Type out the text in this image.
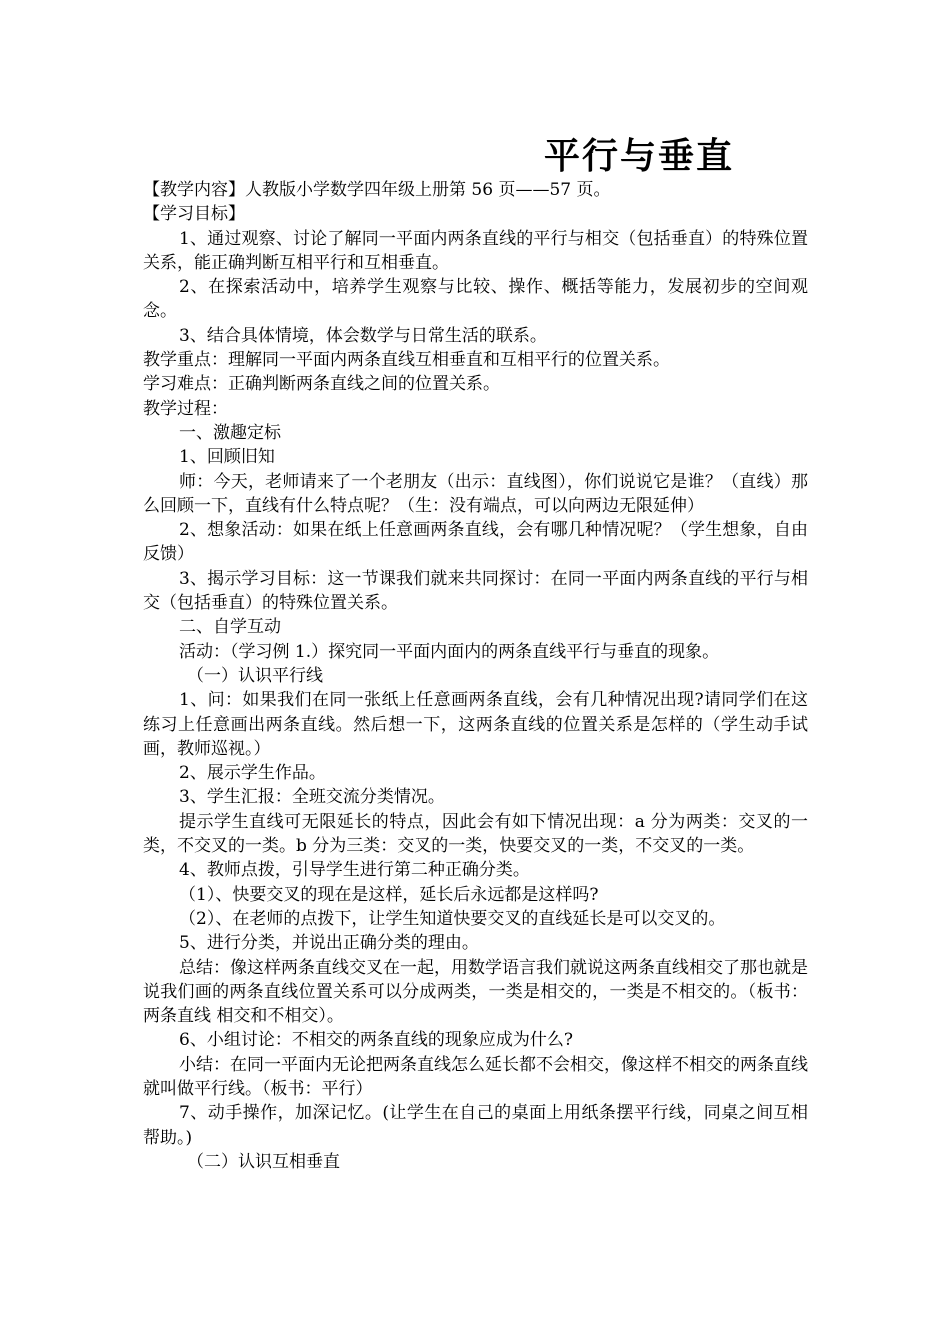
平行与垂直

【教学内容】人教版小学数学四年级上册第 56 页——57 页。

【学习目标】

1、通过观察、讨论了解同一平面内两条直线的平行与相交（包括垂直）的特殊位置关系，能正确判断互相平行和互相垂直。

2、在探索活动中，培养学生观察与比较、操作、概括等能力，发展初步的空间观念。

3、结合具体情境，体会数学与日常生活的联系。

教学重点：理解同一平面内两条直线互相垂直和互相平行的位置关系。

学习难点：正确判断两条直线之间的位置关系。

教学过程：

一、激趣定标

1、回顾旧知

师：今天，老师请来了一个老朋友（出示：直线图），你们说说它是谁？（直线）那么回顾一下，直线有什么特点呢？（生：没有端点，可以向两边无限延伸）

2、想象活动：如果在纸上任意画两条直线，会有哪几种情况呢？（学生想象，自由反馈）

3、揭示学习目标：这一节课我们就来共同探讨：在同一平面内两条直线的平行与相交（包括垂直）的特殊位置关系。

二、自学互动

活动：（学习例 1.）探究同一平面内面内的两条直线平行与垂直的现象。

（一）认识平行线

1、问：如果我们在同一张纸上任意画两条直线，会有几种情况出现?请同学们在这练习上任意画出两条直线。然后想一下，这两条直线的位置关系是怎样的（学生动手试画，教师巡视。）

2、展示学生作品。

3、学生汇报：全班交流分类情况。

提示学生直线可无限延长的特点，因此会有如下情况出现：a 分为两类：交叉的一类，不交叉的一类。b 分为三类：交叉的一类，快要交叉的一类，不交叉的一类。

4、教师点拨，引导学生进行第二种正确分类。

（1）、快要交叉的现在是这样，延长后永远都是这样吗?

（2）、在老师的点拨下，让学生知道快要交叉的直线延长是可以交叉的。

5、进行分类，并说出正确分类的理由。

总结：像这样两条直线交叉在一起，用数学语言我们就说这两条直线相交了那也就是说我们画的两条直线位置关系可以分成两类，一类是相交的，一类是不相交的。（板书：两条直线 相交和不相交）。

6、小组讨论：不相交的两条直线的现象应成为什么?

小结：在同一平面内无论把两条直线怎么延长都不会相交，像这样不相交的两条直线就叫做平行线。（板书：平行）

7、动手操作，加深记忆。(让学生在自己的桌面上用纸条摆平行线，同桌之间互相帮助。)

（二）认识互相垂直
